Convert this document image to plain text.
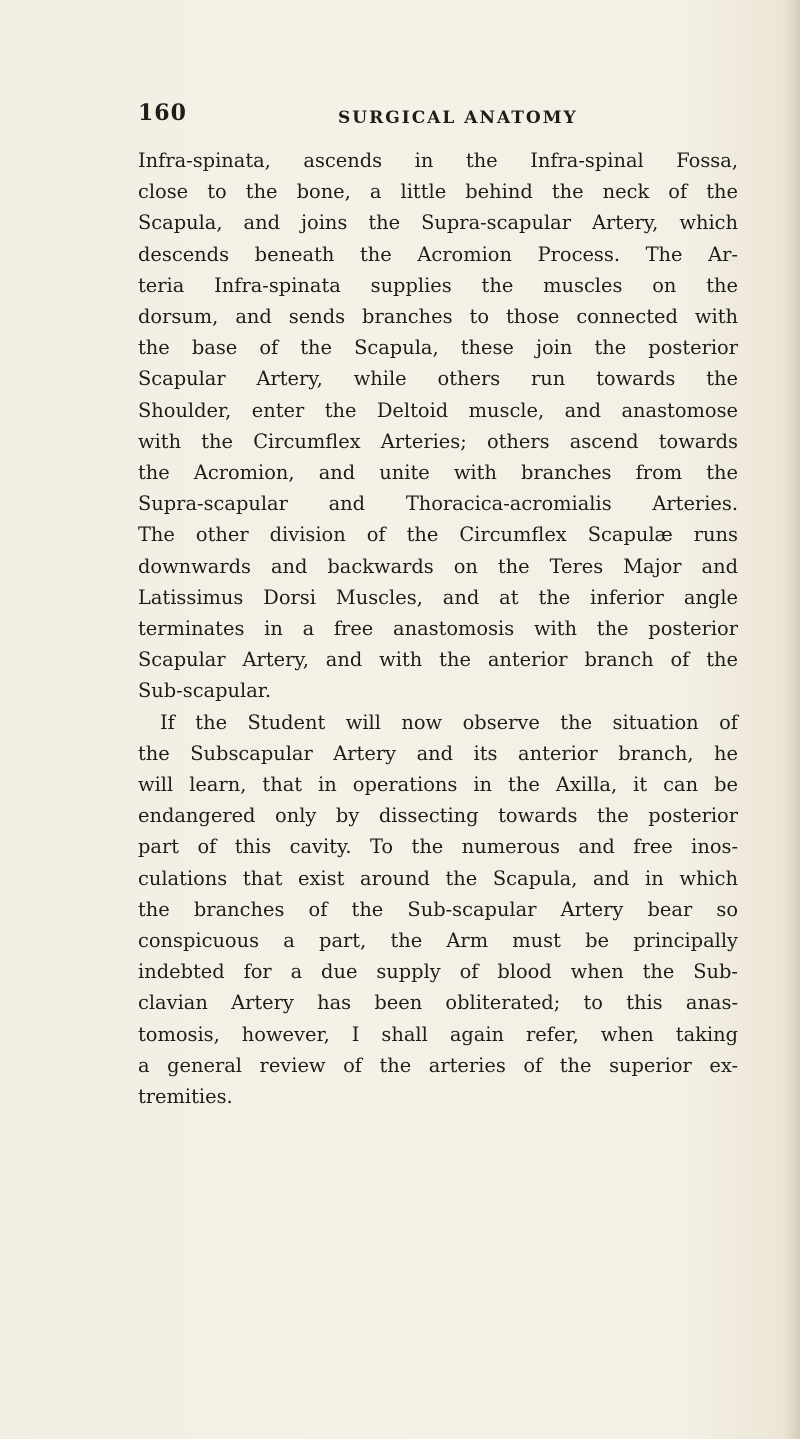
160	SURGICAL ANATOMY
Infra-spinata, ascends in the Infra-spinal Fossa,
close to the bone, a little behind the neck of the
Scapula, and joins the Supra-scapular Artery, which
descends beneath the Acromion Process. The Ar-
teria Infra-spinata supplies the muscles on the
dorsum, and sends branches to those connected with
the base of the Scapula, these join the posterior
Scapular Artery, while others run towards the
Shoulder, enter the Deltoid muscle, and anastomose
with the Circumflex Arteries; others ascend towards
the Acromion, and unite with branches from the
Supra-scapular and Thoracica-acromialis Arteries.
The other division of the Circumflex Scapulæ runs
downwards and backwards on the Teres Major and
Latissimus Dorsi Muscles, and at the inferior angle
terminates in a free anastomosis with the posterior
Scapular Artery, and with the anterior branch of the
Sub-scapular.
If the Student will now observe the situation of
the Subscapular Artery and its anterior branch, he
will learn, that in operations in the Axilla, it can be
endangered only by dissecting towards the posterior
part of this cavity. To the numerous and free inos-
culations that exist around the Scapula, and in which
the branches of the Sub-scapular Artery bear so
conspicuous a part, the Arm must be principally
indebted for a due supply of blood when the Sub-
clavian Artery has been obliterated; to this anas-
tomosis, however, I shall again refer, when taking
a general review of the arteries of the superior ex-
tremities.
